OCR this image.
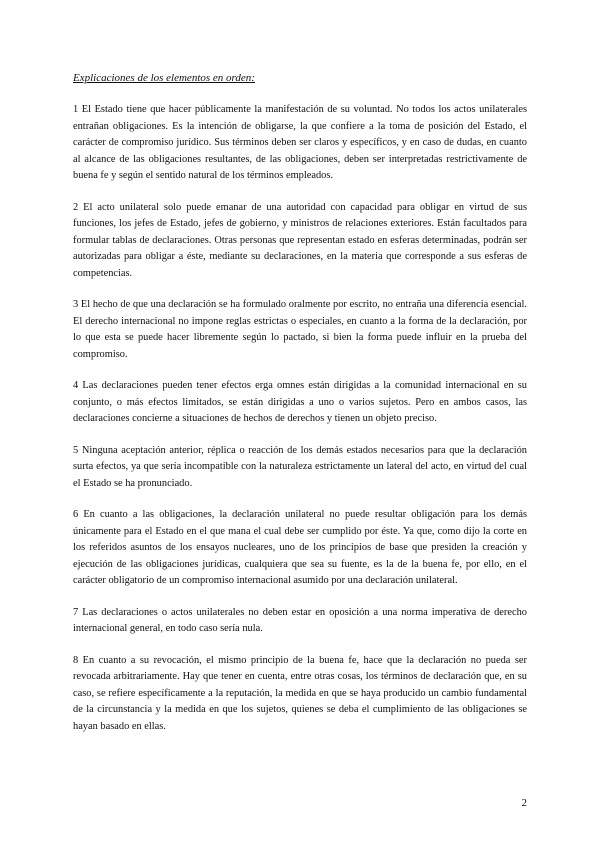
Explicaciones de los elementos en orden:

1 El Estado tiene que hacer públicamente la manifestación de su voluntad. No todos los actos unilaterales entrañan obligaciones. Es la intención de obligarse, la que confiere a la toma de posición del Estado, el carácter de compromiso jurídico. Sus términos deben ser claros y específicos, y en caso de dudas, en cuanto al alcance de las obligaciones resultantes, de las obligaciones, deben ser interpretadas restrictivamente de buena fe y según el sentido natural de los términos empleados.

2 El acto unilateral solo puede emanar de una autoridad con capacidad para obligar en virtud de sus funciones, los jefes de Estado, jefes de gobierno, y ministros de relaciones exteriores. Están facultados para formular tablas de declaraciones. Otras personas que representan estado en esferas determinadas, podrán ser autorizadas para obligar a éste, mediante su declaraciones, en la materia que corresponde a sus esferas de competencias.

3 El hecho de que una declaración se ha formulado oralmente por escrito, no entraña una diferencia esencial. El derecho internacional no impone reglas estrictas o especiales, en cuanto a la forma de la declaración, por lo que esta se puede hacer libremente según lo pactado, si bien la forma puede influir en la prueba del compromiso.

4 Las declaraciones pueden tener efectos erga omnes están dirigidas a la comunidad internacional en su conjunto, o más efectos limitados, se están dirigidas a uno o varios sujetos. Pero en ambos casos, las declaraciones concierne a situaciones de hechos de derechos y tienen un objeto preciso.

5 Ninguna aceptación anterior, réplica o reacción de los demás estados necesarios para que la declaración surta efectos, ya que sería incompatible con la naturaleza estrictamente un lateral del acto, en virtud del cual el Estado se ha pronunciado.

6 En cuanto a las obligaciones, la declaración unilateral no puede resultar obligación para los demás únicamente para el Estado en el que mana el cual debe ser cumplido por éste. Ya que, como dijo la corte en los referidos asuntos de los ensayos nucleares, uno de los principios de base que presiden la creación y ejecución de las obligaciones jurídicas, cualquiera que sea su fuente, es la de la buena fe, por ello, en el carácter obligatorio de un compromiso internacional asumido por una declaración unilateral.

7 Las declaraciones o actos unilaterales no deben estar en oposición a una norma imperativa de derecho internacional general, en todo caso sería nula.

8 En cuanto a su revocación, el mismo principio de la buena fe, hace que la declaración no pueda ser revocada arbitrariamente. Hay que tener en cuenta, entre otras cosas, los términos de declaración que, en su caso, se refiere específicamente a la reputación, la medida en que se haya producido un cambio fundamental de la circunstancia y la medida en que los sujetos, quienes se deba el cumplimiento de las obligaciones se hayan basado en ellas.

2
